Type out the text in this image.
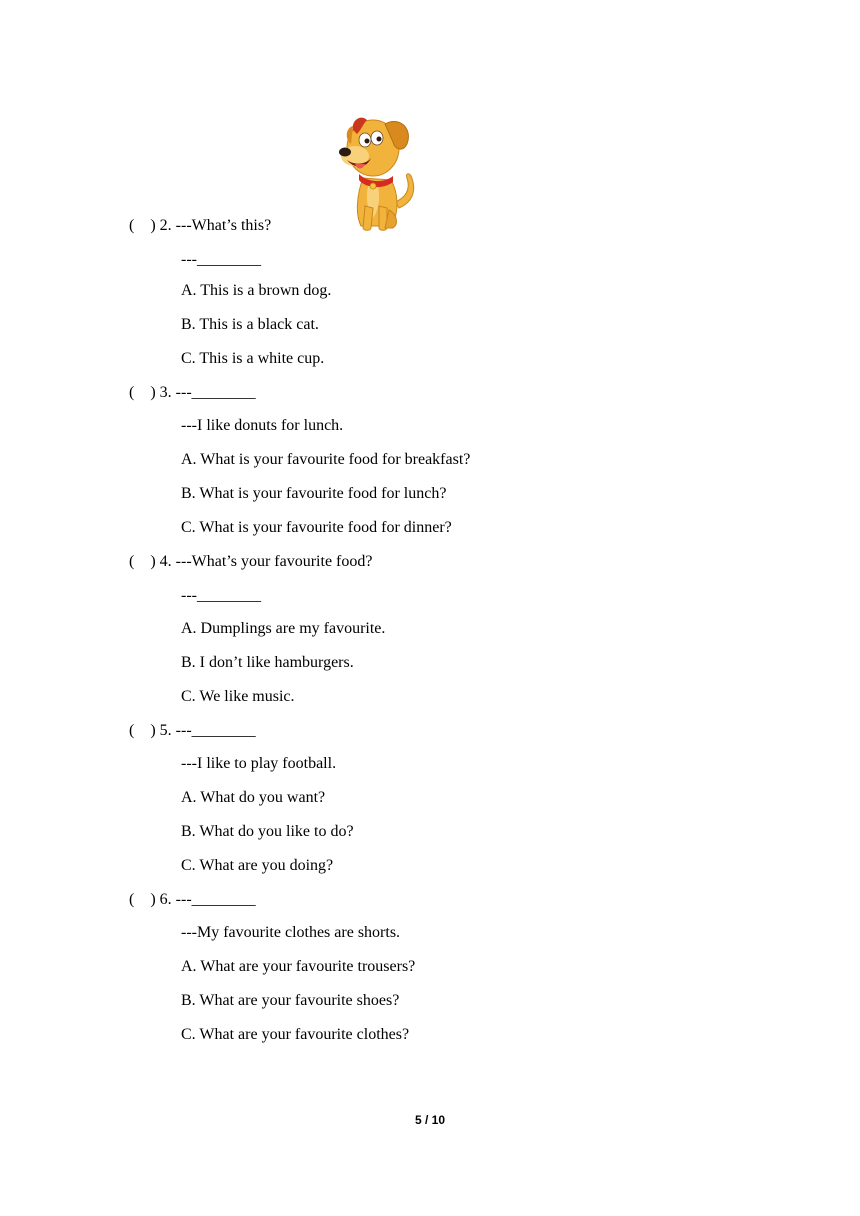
(    ) 2. ---What’s this?
---________
A. This is a brown dog.
B. This is a black cat.
C. This is a white cup.
(    ) 3. ---________
---I like donuts for lunch.
A. What is your favourite food for breakfast?
B. What is your favourite food for lunch?
C. What is your favourite food for dinner?
(    ) 4. ---What’s your favourite food?
---________
A. Dumplings are my favourite.
B. I don’t like hamburgers.
C. We like music.
(    ) 5. ---________
---I like to play football.
A. What do you want?
B. What do you like to do?
C. What are you doing?
(    ) 6. ---________
---My favourite clothes are shorts.
A. What are your favourite trousers?
B. What are your favourite shoes?
C. What are your favourite clothes?
5 / 10
